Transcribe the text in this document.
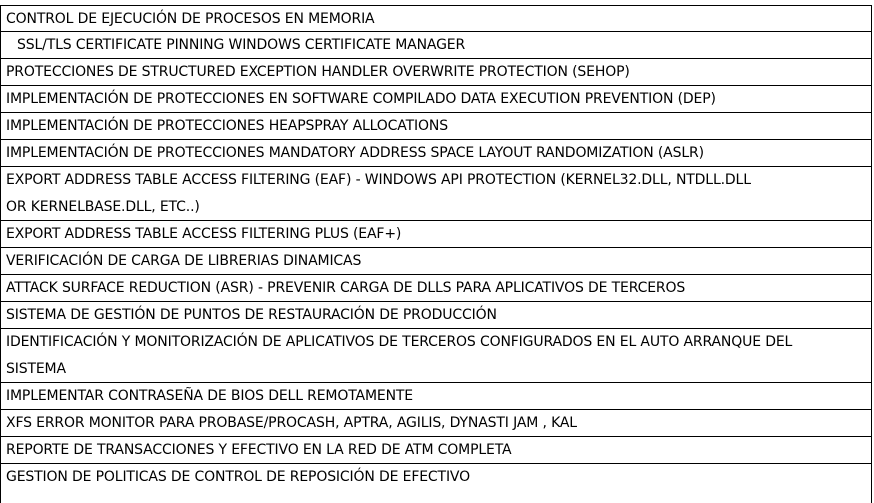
CONTROL DE EJECUCIÓN DE PROCESOS EN MEMORIA
SSL/TLS CERTIFICATE PINNING WINDOWS CERTIFICATE MANAGER
PROTECCIONES DE STRUCTURED EXCEPTION HANDLER OVERWRITE PROTECTION (SEHOP)
IMPLEMENTACIÓN DE PROTECCIONES EN SOFTWARE COMPILADO DATA EXECUTION PREVENTION (DEP)
IMPLEMENTACIÓN DE PROTECCIONES HEAPSPRAY ALLOCATIONS
IMPLEMENTACIÓN DE PROTECCIONES MANDATORY ADDRESS SPACE LAYOUT RANDOMIZATION (ASLR)
EXPORT ADDRESS TABLE ACCESS FILTERING (EAF) - WINDOWS API PROTECTION (KERNEL32.DLL, NTDLL.DLL
OR KERNELBASE.DLL, ETC..)
EXPORT ADDRESS TABLE ACCESS FILTERING PLUS (EAF+)
VERIFICACIÓN DE CARGA DE LIBRERIAS DINAMICAS
ATTACK SURFACE REDUCTION (ASR) - PREVENIR CARGA DE DLLS PARA APLICATIVOS DE TERCEROS
SISTEMA DE GESTIÓN DE PUNTOS DE RESTAURACIÓN DE PRODUCCIÓN
IDENTIFICACIÓN Y MONITORIZACIÓN DE APLICATIVOS DE TERCEROS CONFIGURADOS EN EL AUTO ARRANQUE DEL
SISTEMA
IMPLEMENTAR CONTRASEÑA DE BIOS DELL REMOTAMENTE
XFS ERROR MONITOR PARA PROBASE/PROCASH, APTRA, AGILIS, DYNASTI JAM , KAL
REPORTE DE TRANSACCIONES Y EFECTIVO EN LA RED DE ATM COMPLETA
GESTION DE POLITICAS DE CONTROL DE REPOSICIÓN DE EFECTIVO
